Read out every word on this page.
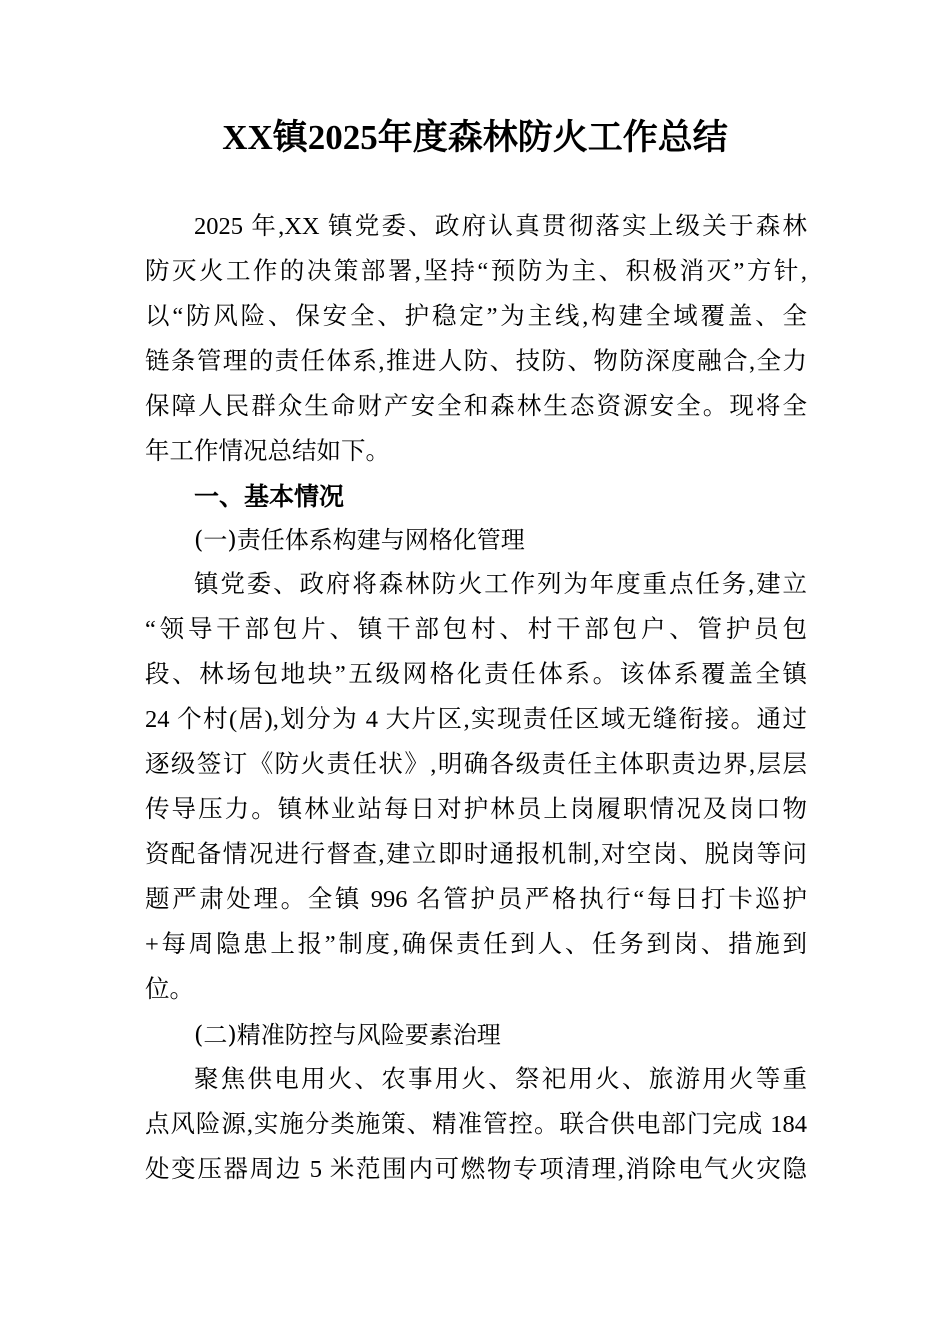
XX镇2025年度森林防火工作总结
2025 年,XX 镇党委、政府认真贯彻落实上级关于森林
防灭火工作的决策部署,坚持“预防为主、积极消灭”方针,
以“防风险、保安全、护稳定”为主线,构建全域覆盖、全
链条管理的责任体系,推进人防、技防、物防深度融合,全力
保障人民群众生命财产安全和森林生态资源安全。现将全
年工作情况总结如下。
一、基本情况
(一)责任体系构建与网格化管理
镇党委、政府将森林防火工作列为年度重点任务,建立
“领导干部包片、镇干部包村、村干部包户、管护员包
段、林场包地块”五级网格化责任体系。该体系覆盖全镇
24 个村(居),划分为 4 大片区,实现责任区域无缝衔接。通过
逐级签订《防火责任状》,明确各级责任主体职责边界,层层
传导压力。镇林业站每日对护林员上岗履职情况及岗口物
资配备情况进行督查,建立即时通报机制,对空岗、脱岗等问
题严肃处理。全镇 996 名管护员严格执行“每日打卡巡护
+每周隐患上报”制度,确保责任到人、任务到岗、措施到
位。
(二)精准防控与风险要素治理
聚焦供电用火、农事用火、祭祀用火、旅游用火等重
点风险源,实施分类施策、精准管控。联合供电部门完成 184
处变压器周边 5 米范围内可燃物专项清理,消除电气火灾隐
